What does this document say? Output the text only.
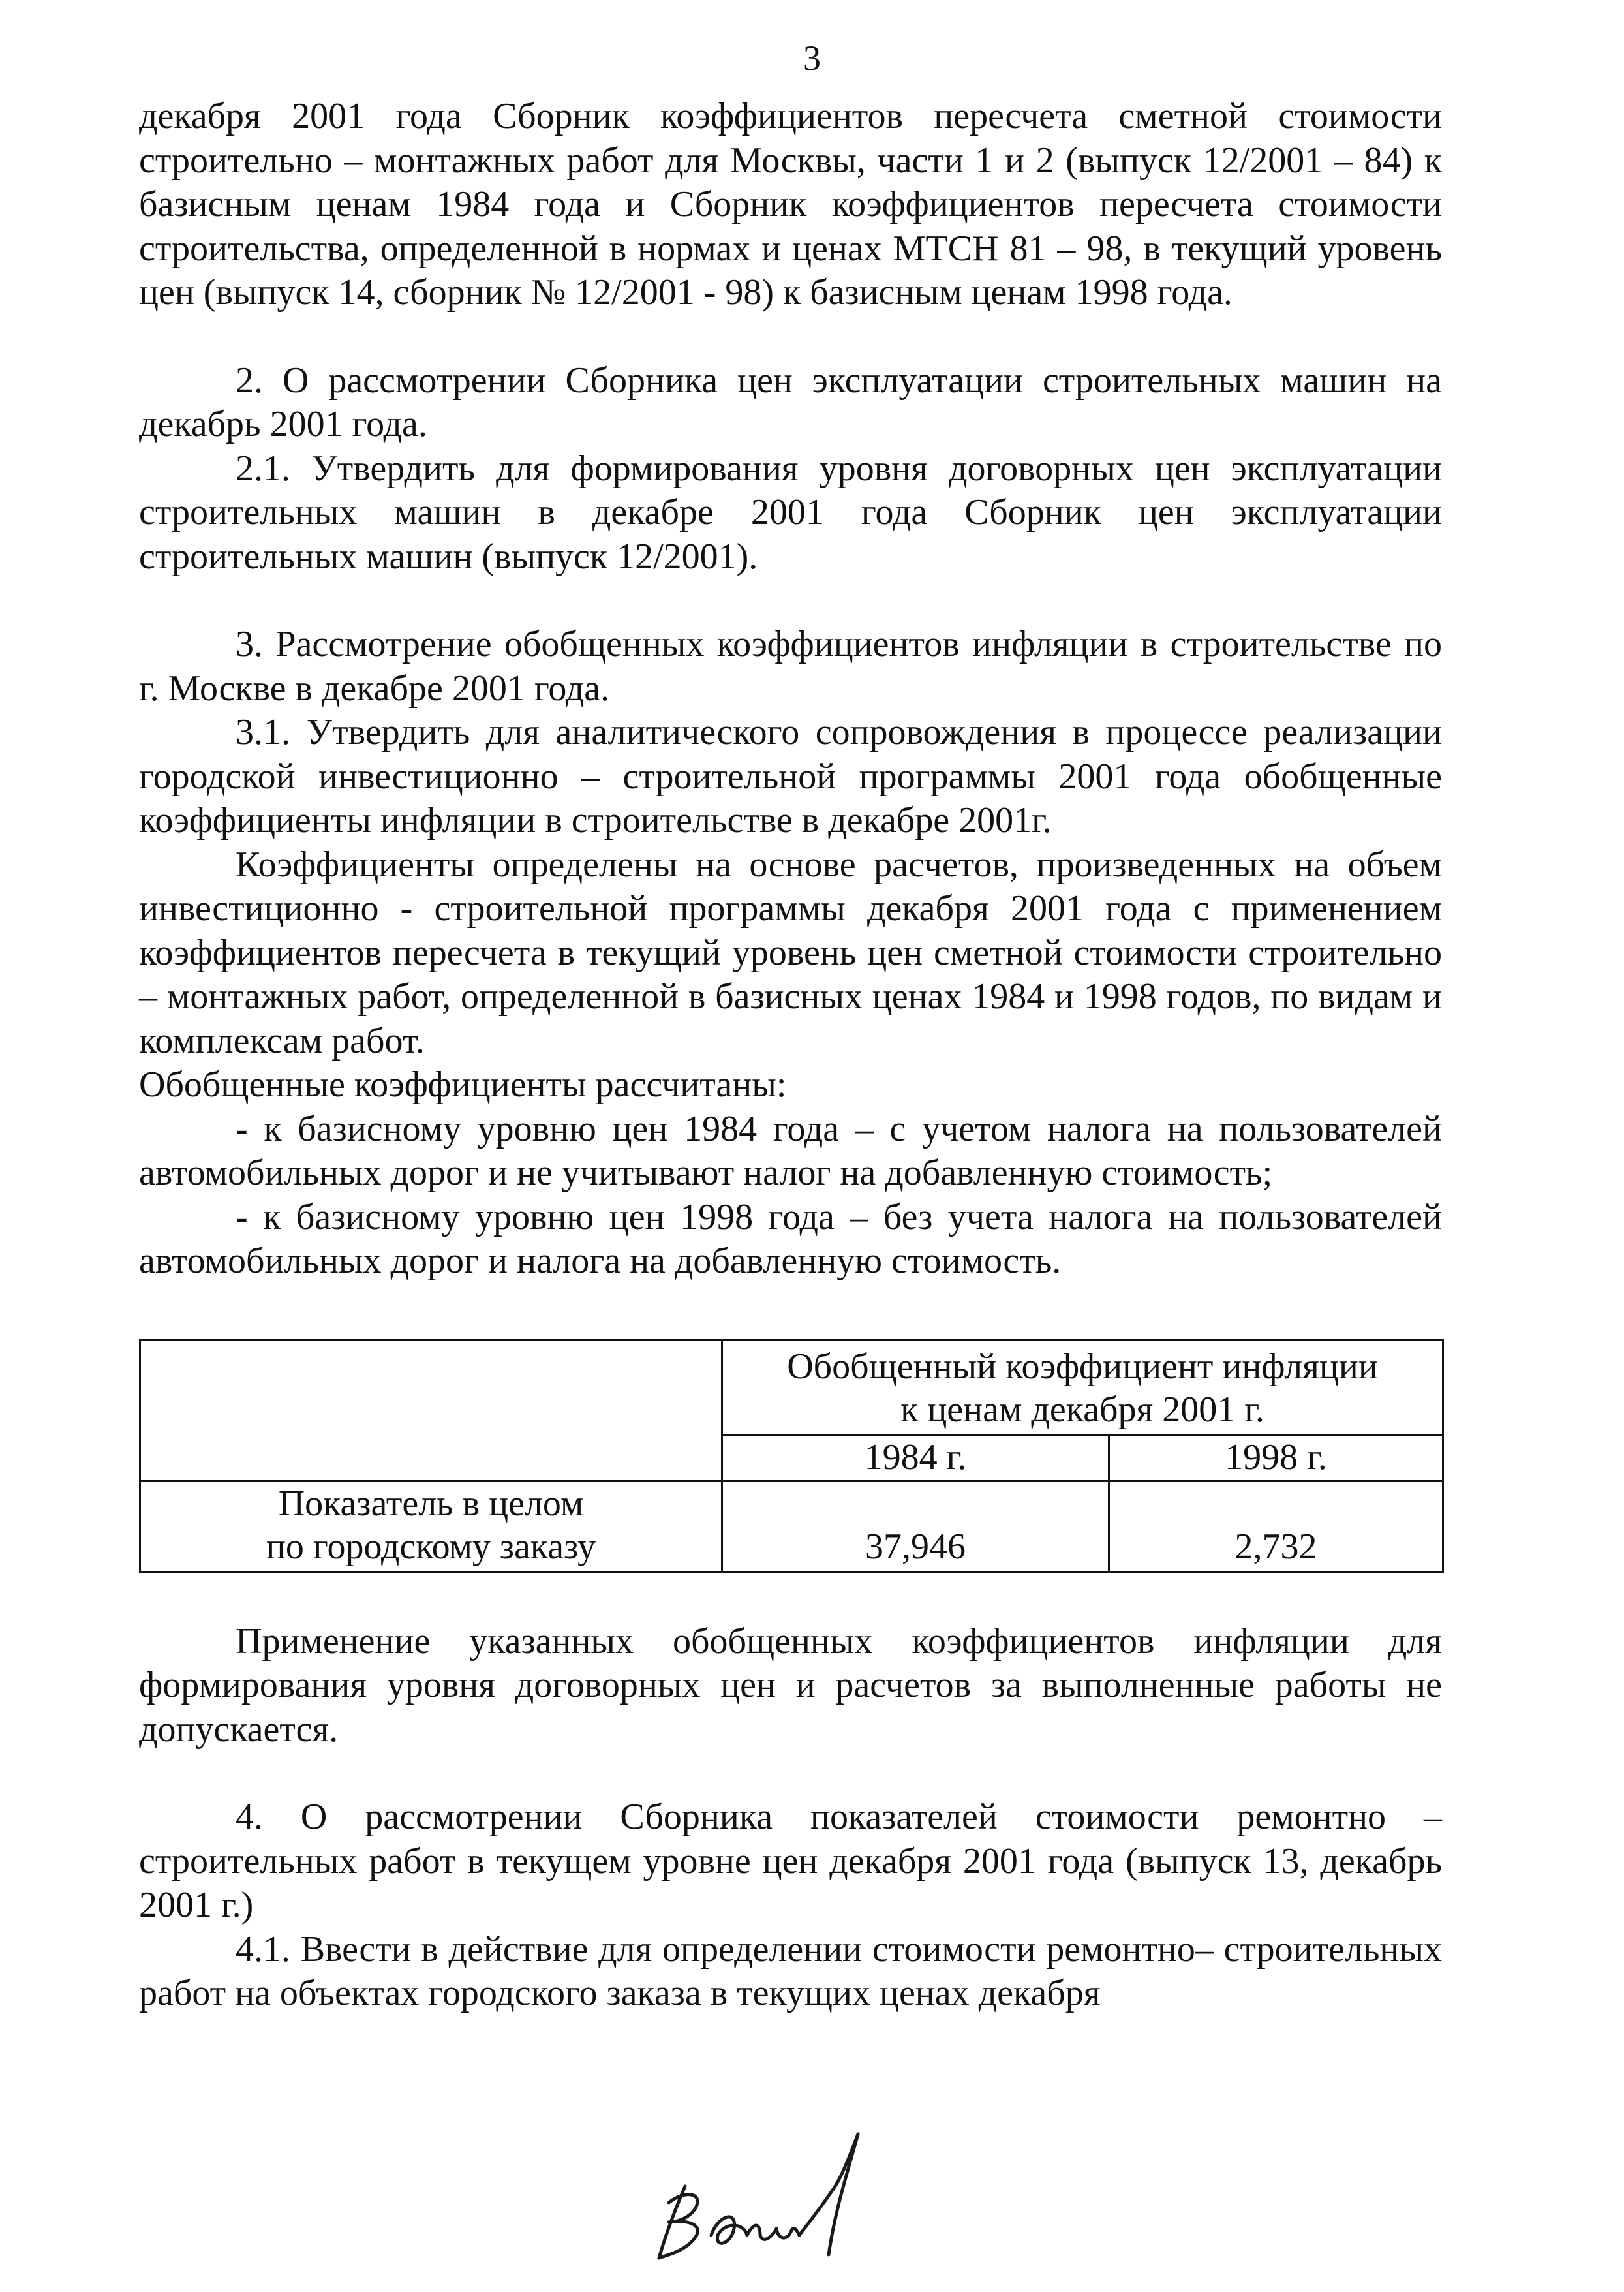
3

декабря 2001 года Сборник коэффициентов пересчета сметной стоимости строительно – монтажных работ для Москвы, части 1 и 2 (выпуск 12/2001 – 84) к базисным ценам 1984 года и Сборник коэффициентов пересчета стоимости строительства, определенной в нормах и ценах МТСН 81 – 98, в текущий уровень цен (выпуск 14, сборник № 12/2001 - 98) к базисным ценам 1998 года.

2. О рассмотрении Сборника цен эксплуатации строительных машин на декабрь 2001 года.

2.1. Утвердить для формирования уровня договорных цен эксплуатации строительных машин в декабре 2001 года Сборник цен эксплуатации строительных машин (выпуск 12/2001).

3. Рассмотрение обобщенных коэффициентов инфляции в строительстве по г. Москве в декабре 2001 года.

3.1. Утвердить для аналитического сопровождения в процессе реализации городской инвестиционно – строительной программы 2001 года обобщенные коэффициенты инфляции в строительстве в декабре 2001г.

Коэффициенты определены на основе расчетов, произведенных на объем инвестиционно - строительной программы декабря 2001 года с применением коэффициентов пересчета в текущий уровень цен сметной стоимости строительно – монтажных работ, определенной в базисных ценах 1984 и 1998 годов, по видам и комплексам работ.

Обобщенные коэффициенты рассчитаны:

- к базисному уровню цен 1984 года – с учетом налога на пользователей автомобильных дорог и не учитывают налог на добавленную стоимость;

- к базисному уровню цен 1998 года – без учета налога на пользователей автомобильных дорог и налога на добавленную стоимость.

	Обобщенный коэффициент инфляции
к ценам декабря 2001 г.	

	1984 г.	1998 г.

Показатель в целом
по городскому заказу	37,946	2,732

Применение указанных обобщенных коэффициентов инфляции для формирования уровня договорных цен и расчетов за выполненные работы не допускается.

4. О рассмотрении Сборника показателей стоимости ремонтно – строительных работ в текущем уровне цен декабря 2001 года (выпуск 13, декабрь 2001 г.)

4.1. Ввести в действие для определении стоимости ремонтно– строительных работ на объектах городского заказа в текущих ценах декабря
